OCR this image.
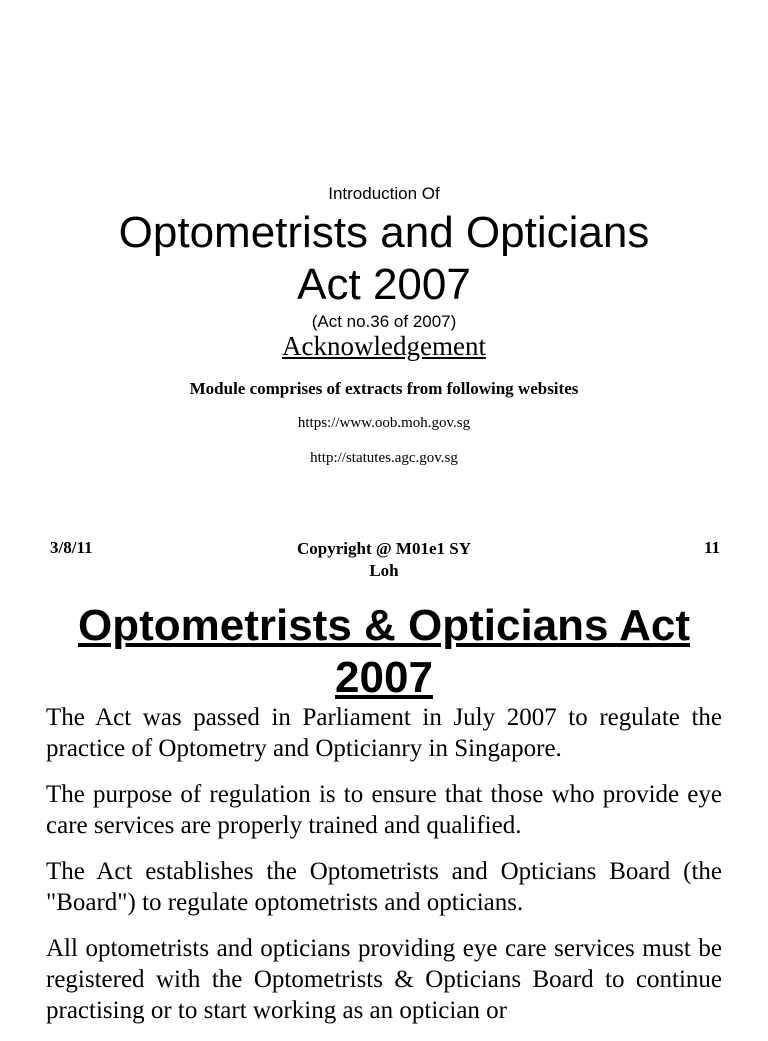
Introduction Of
Optometrists and Opticians
Act 2007
(Act no.36 of 2007)
Acknowledgement
Module comprises of extracts from following websites
https://www.oob.moh.gov.sg
http://statutes.agc.gov.sg
3/8/11	Copyright @ M01e1 SY Loh
11
Optometrists & Opticians Act
2007

The Act was passed in Parliament in July 2007 to regulate the practice of Optometry and Opticianry in Singapore.

The purpose of regulation is to ensure that those who provide eye care services are properly trained and qualified.

The Act establishes the Optometrists and Opticians Board (the "Board") to regulate optometrists and opticians.

All optometrists and opticians providing eye care services must be registered with the Optometrists & Opticians Board to continue practising or to start working as an optician or
